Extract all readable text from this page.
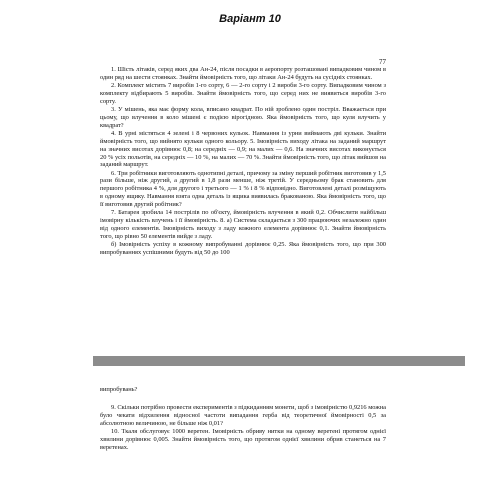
Варіант 10
77

1. Шість літаків, серед яких два Ан-24, після посадки в аеропорту розташовані випадковим чином в один ряд на шести стоянках. Знайти ймовірність того, що літаки Ан-24 будуть на сусідніх стоянках.

2. Комплект містить 7 виробів 1-го сорту, 6 — 2-го сорту і 2 вироби 3-го сорту. Випадковим чином з комплекту відбирають 5 виробів. Знайти ймовірність того, що серед них не виявиться виробів 3-го сорту.

3. У мішень, яка має форму кола, вписано квадрат. По ній зроблено один постріл. Вважається при цьому, що влучення в коло мішені є подією вірогідною. Яка ймовірність того, що куля влучить у квадрат?

4. В урні містяться 4 зелені і 8 червоних кульок. Навмання із урни виймають дві кульки. Знайти ймовірність того, що вийнято кульки одного кольору. 5. Імовірність виходу літака на заданий маршрут на значних висотах дорівнює 0,8; на середніх — 0,9; на малих — 0,6. На значних висотах виконується 20 % усіх польотів, на середніх — 10 %, на малих — 70 %. Знайти ймовірність того, що літак вийшов на заданий маршрут.

6. Три робітники виготовляють однотипні деталі, причому за зміну перший робітник виготовив у 1,5 рази більше, ніж другий, а другий в 1,8 рази менше, ніж третій. У середньому брак становить для першого робітника 4 %, для другого і третього — 1 % і 8 % відповідно. Виготовлені деталі розміщують в одному ящику. Навмання взята одна деталь із ящика виявилась бракованою. Яка ймовірність того, що її виготовив другий робітник?

7. Батарея зробила 14 пострілів по об'єкту, ймовірність влучення в який 0,2. Обчислити найбільш імовірну кількість влучень і її ймовірність. 8. а) Система складається з 300 працюючих незалежно один від одного елементів. Імовірність виходу з ладу кожного елемента дорівнює 0,1. Знайти ймовірність того, що рівно 50 елементів вийде з ладу.

б) Імовірність успіху в кожному випробуванні дорівнює 0,25. Яка ймовірність того, що при 300 випробуваннях успішними будуть від 50 до 100

випробувань?

9. Скільки потрібно провести експериментів з підкиданням монети, щоб з імовірністю 0,9216 можна було чекати відхилення відносної частоти випадання герба від теоретичної ймовірності 0,5 за абсолютною величиною, не більше ніж 0,01?

10. Ткаля обслуговує 1000 веретен. Імовірність обриву нитки на одному веретені протягом однієї хвилини дорівнює 0,005. Знайти ймовірність того, що протягом однієї хвилини обрив станеться на 7 веретенах.
